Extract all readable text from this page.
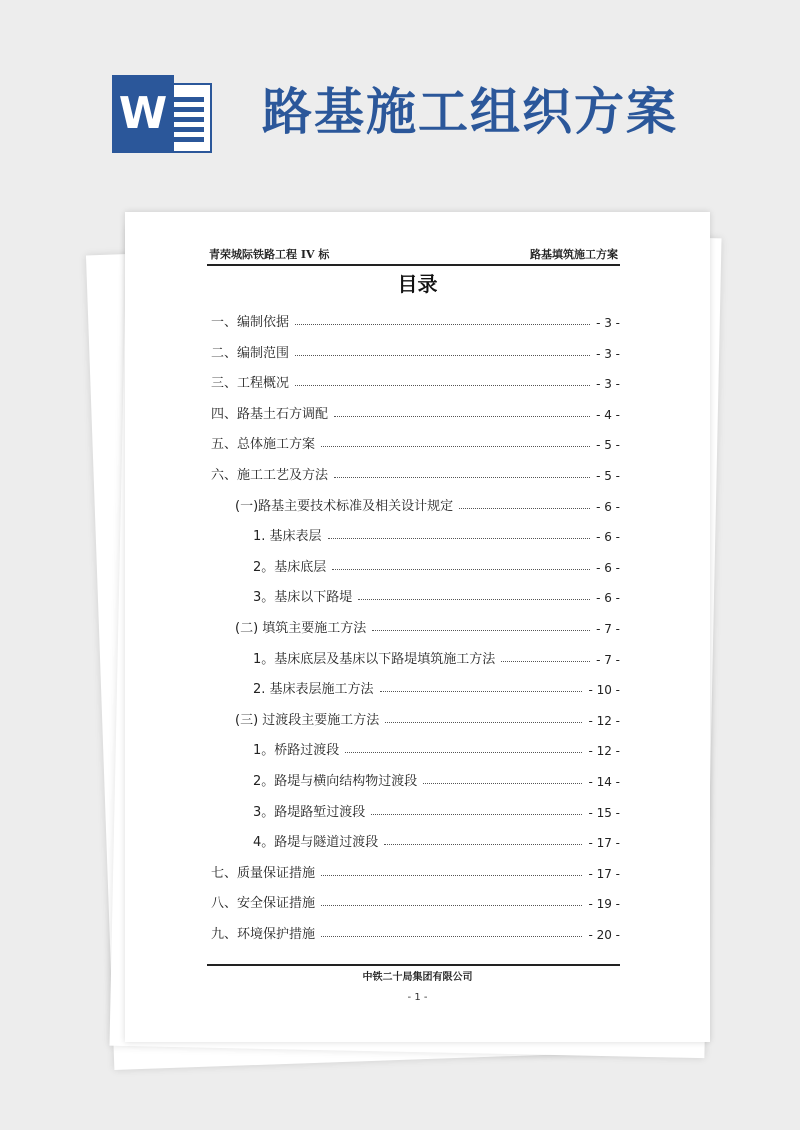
W 路基施工组织方案
青荣城际铁路工程 IV 标	路基填筑施工方案
目录
一、编制依据	- 3 -
二、编制范围	- 3 -
三、工程概况	- 3 -
四、路基土石方调配	- 4 -
五、总体施工方案	- 5 -
六、施工工艺及方法	- 5 -
(一)路基主要技术标准及相关设计规定	- 6 -
1. 基床表层	- 6 -
2。基床底层	- 6 -
3。基床以下路堤	- 6 -
(二) 填筑主要施工方法	- 7 -
1。基床底层及基床以下路堤填筑施工方法	- 7 -
2. 基床表层施工方法	- 10 -
(三) 过渡段主要施工方法	- 12 -
1。桥路过渡段	- 12 -
2。路堤与横向结构物过渡段	- 14 -
3。路堤路堑过渡段	- 15 -
4。路堤与隧道过渡段	- 17 -
七、质量保证措施	- 17 -
八、安全保证措施	- 19 -
九、环境保护措施	- 20 -
中铁二十局集团有限公司
- 1 -
